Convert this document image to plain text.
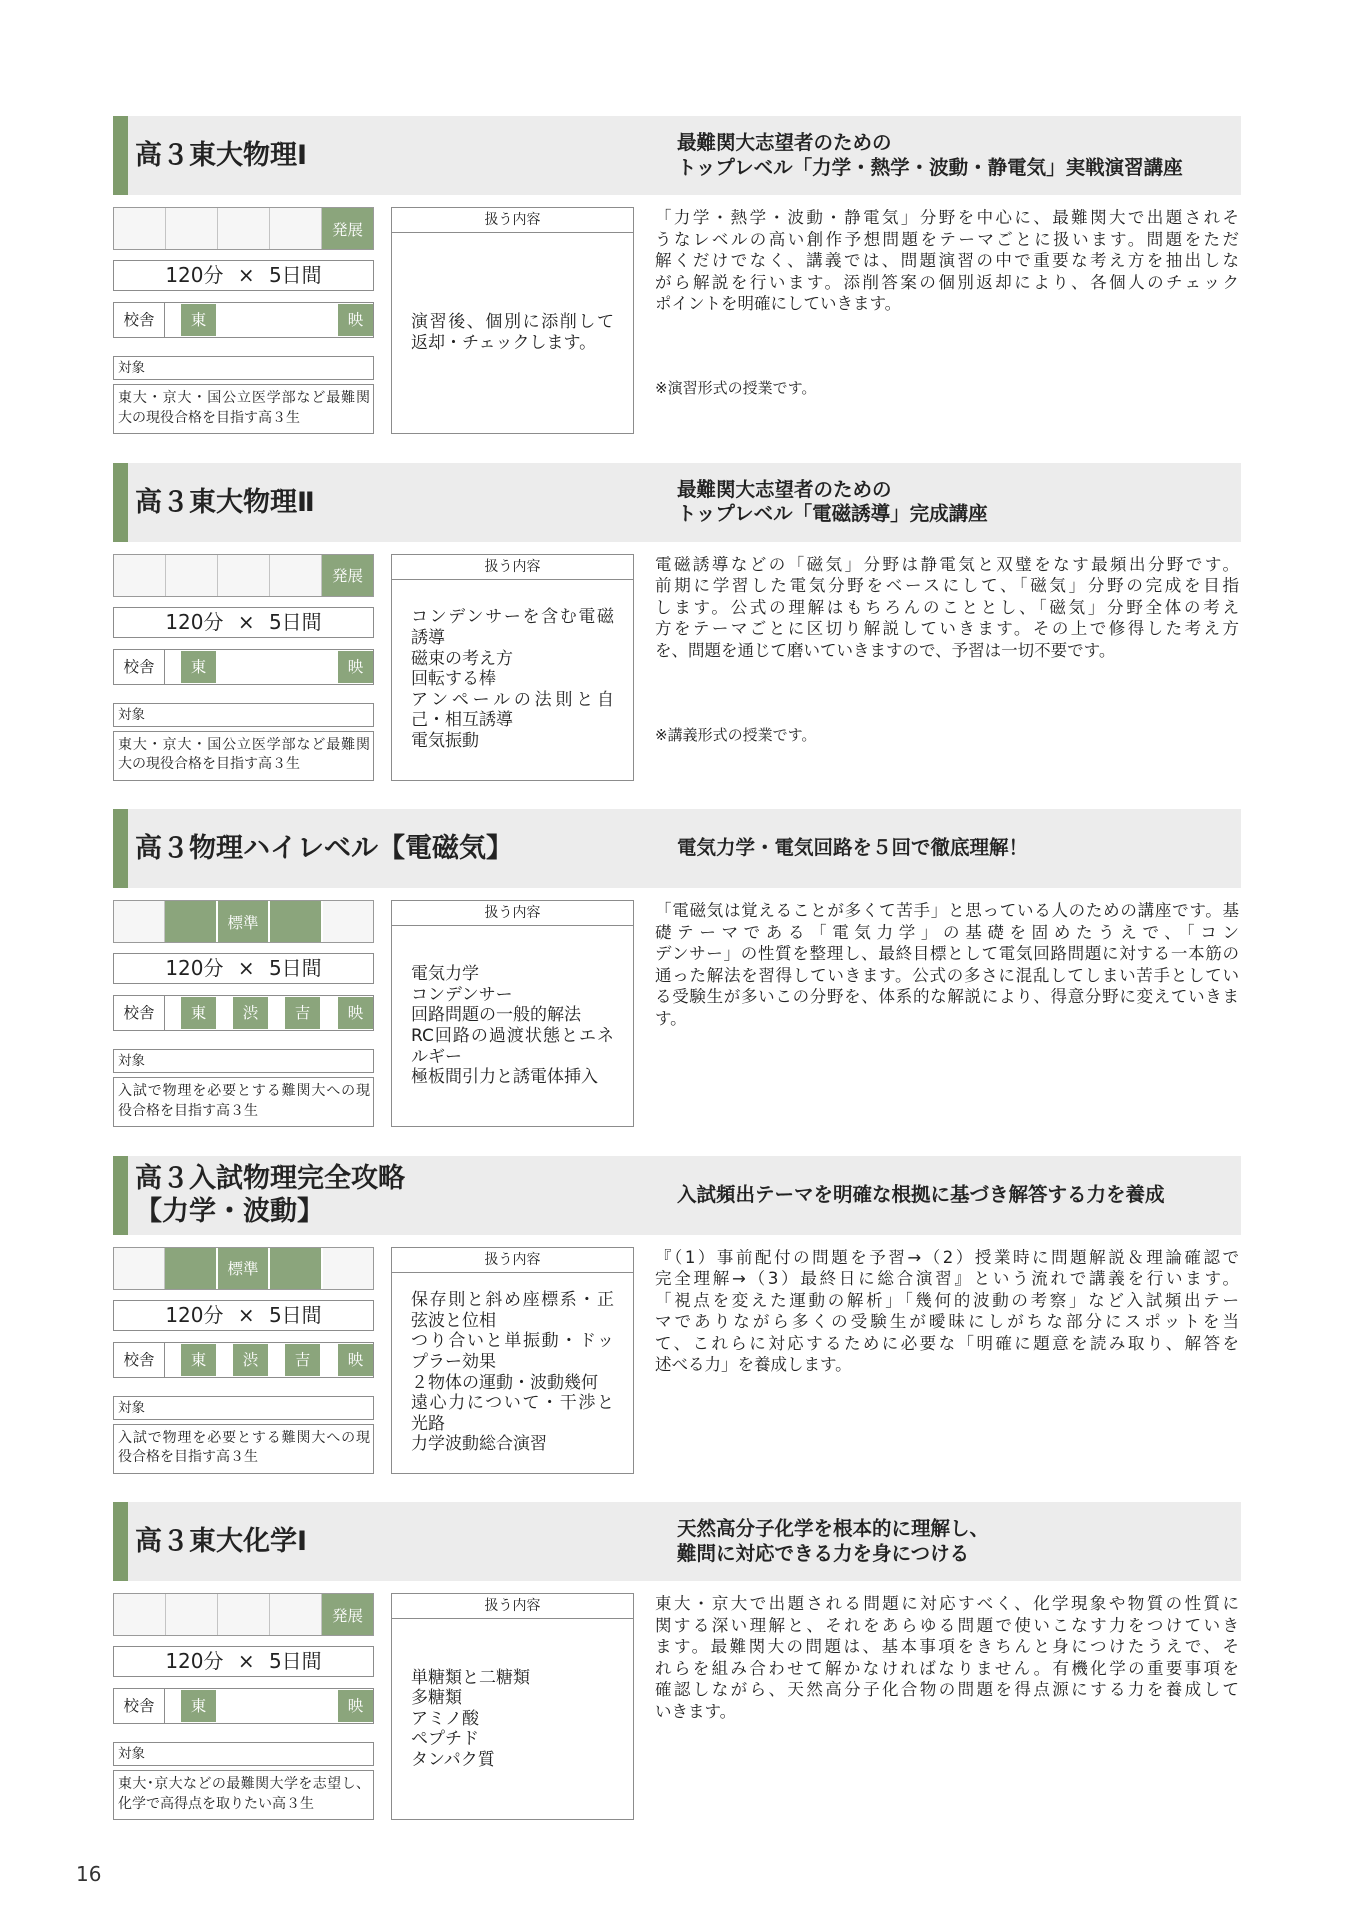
高３東大物理Ⅰ	最難関大志望者のための
トップレベル「力学・熱学・波動・静電気」実戦演習講座
発展
120分 × 5日間
校舎	東	映
対象
東大・京大・国公立医学部など最難関
大の現役合格を目指す高３生
扱う内容
演習後、個別に添削して
返却・チェックします。
「力学・熱学・波動・静電気」分野を中心に、最難関大で出題されそ
うなレベルの高い創作予想問題をテーマごとに扱います。問題をただ
解くだけでなく、講義では、問題演習の中で重要な考え方を抽出しな
がら解説を行います。添削答案の個別返却により、各個人のチェック
ポイントを明確にしていきます。
※演習形式の授業です。
高３東大物理Ⅱ	最難関大志望者のための
トップレベル「電磁誘導」完成講座
発展
120分 × 5日間
校舎	東	映
対象
東大・京大・国公立医学部など最難関
大の現役合格を目指す高３生
扱う内容
コンデンサーを含む電磁
誘導
磁束の考え方
回転する棒
アンペールの法則と自
己・相互誘導
電気振動
電磁誘導などの「磁気」分野は静電気と双璧をなす最頻出分野です。
前期に学習した電気分野をベースにして、「磁気」分野の完成を目指
します。公式の理解はもちろんのこととし、「磁気」分野全体の考え
方をテーマごとに区切り解説していきます。その上で修得した考え方
を、問題を通じて磨いていきますので、予習は一切不要です。
※講義形式の授業です。
高３物理ハイレベル【電磁気】	電気力学・電気回路を５回で徹底理解！
標準
120分 × 5日間
校舎	東	渋	吉	映
対象
入試で物理を必要とする難関大への現
役合格を目指す高３生
扱う内容
電気力学
コンデンサー
回路問題の一般的解法
RC回路の過渡状態とエネ
ルギー
極板間引力と誘電体挿入
「電磁気は覚えることが多くて苦手」と思っている人のための講座です。基
礎テーマである「電気力学」の基礎を固めたうえで、「コン
デンサー」の性質を整理し、最終目標として電気回路問題に対する一本筋の
通った解法を習得していきます。公式の多さに混乱してしまい苦手としてい
る受験生が多いこの分野を、体系的な解説により、得意分野に変えていきま
す。
高３入試物理完全攻略
【力学・波動】
入試頻出テーマを明確な根拠に基づき解答する力を養成
標準
120分 × 5日間
校舎	東	渋	吉	映
対象
入試で物理を必要とする難関大への現
役合格を目指す高３生
扱う内容
保存則と斜め座標系・正
弦波と位相
つり合いと単振動・ドッ
プラー効果
２物体の運動・波動幾何
遠心力について・干渉と
光路
力学波動総合演習
『（1）事前配付の問題を予習→（2）授業時に問題解説＆理論確認で
完全理解→（3）最終日に総合演習』という流れで講義を行います。
「視点を変えた運動の解析」「幾何的波動の考察」など入試頻出テー
マでありながら多くの受験生が曖昧にしがちな部分にスポットを当
て、これらに対応するために必要な「明確に題意を読み取り、解答を
述べる力」を養成します。
高３東大化学Ⅰ	天然高分子化学を根本的に理解し、
難問に対応できる力を身につける
発展
120分 × 5日間
校舎	東	映
対象
東大･京大などの最難関大学を志望し、
化学で高得点を取りたい高３生
扱う内容
単糖類と二糖類
多糖類
アミノ酸
ペプチド
タンパク質
東大・京大で出題される問題に対応すべく、化学現象や物質の性質に
関する深い理解と、それをあらゆる問題で使いこなす力をつけていき
ます。最難関大の問題は、基本事項をきちんと身につけたうえで、そ
れらを組み合わせて解かなければなりません。有機化学の重要事項を
確認しながら、天然高分子化合物の問題を得点源にする力を養成して
いきます。
16
